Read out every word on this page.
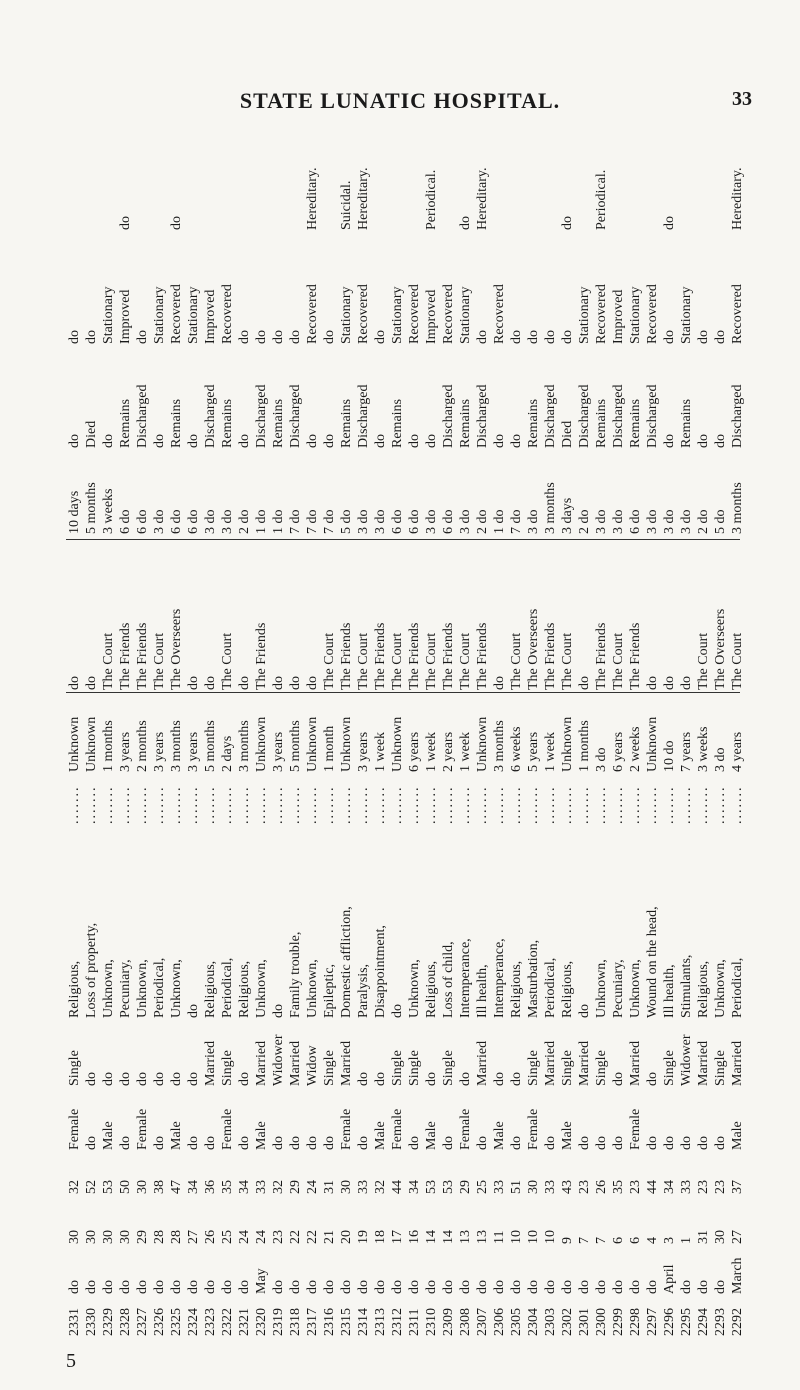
STATE LUNATIC HOSPITAL.	33
2292
March
27
37
Male
Married
Periodical,
4 years
The Court
3 months
Discharged
Recovered
Hereditary.
.......
2293
do
30
23
do
Single
Unknown,
3 do
The Overseers
5 do
do
do
.......
2294
do
31
23
do
Married
Religious,
3 weeks
The Court
2 do
do
do
.......
2295
do
1
33
do
Widower
Stimulants,
7 years
do
3 do
Remains
Stationary
.......
2296
April
3
34
do
Single
Ill health,
10 do
do
3 do
do
do
do
.......
2297
do
4
44
do
do
Wound on the head,
Unknown
do
3 do
Discharged
Recovered
.......
2298
do
6
23
Female
Married
Unknown,
2 weeks
The Friends
6 do
Remains
Stationary
.......
2299
do
6
35
do
do
Pecuniary,
6 years
The Court
3 do
Discharged
Improved
.......
2300
do
7
26
do
Single
Unknown,
3 do
The Friends
3 do
Remains
Recovered
Periodical.
.......
2301
do
7
23
do
Married
do
1 months
do
2 do
Discharged
Stationary
.......
2302
do
9
43
Male
Single
Religious,
Unknown
The Court
3 days
Died
do
do
.......
2303
do
10
33
do
Married
Periodical,
1 week
The Friends
3 months
Discharged
do
.......
2304
do
10
30
Female
Single
Masturbation,
5 years
The Overseers
3 do
Remains
do
.......
2305
do
10
51
do
do
Religious,
6 weeks
The Court
7 do
do
do
.......
2306
do
11
33
Male
do
Intemperance,
3 months
do
1 do
do
Recovered
.......
2307
do
13
25
do
Married
Ill health,
Unknown
The Friends
2 do
Discharged
do
Hereditary.
.......
2308
do
13
29
Female
do
Intemperance,
1 week
The Court
3 do
Remains
Stationary
do
.......
2309
do
14
53
do
Single
Loss of child,
2 years
The Friends
6 do
Discharged
Recovered
.......
2310
do
14
53
Male
do
Religious,
1 week
The Court
3 do
do
Improved
Periodical.
.......
2311
do
16
34
do
Single
Unknown,
6 years
The Friends
6 do
do
Recovered
.......
2312
do
17
44
Female
Single
do
Unknown
The Court
6 do
Remains
Stationary
.......
2313
do
18
32
Male
do
Disappointment,
1 week
The Friends
3 do
do
do
.......
2314
do
19
33
do
do
Paralysis,
3 years
The Court
3 do
Discharged
Recovered
Hereditary.
.......
2315
do
20
30
Female
Married
Domestic affliction,
Unknown
The Friends
5 do
Remains
Stationary
Suicidal.
.......
2316
do
21
31
do
Single
Epileptic,
1 month
The Court
7 do
do
do
.......
2317
do
22
24
do
Widow
Unknown,
Unknown
do
7 do
do
Recovered
Hereditary.
.......
2318
do
22
29
do
Married
Family trouble,
5 months
do
7 do
Discharged
do
.......
2319
do
23
32
do
Widower
do
3 years
do
1 do
Remains
do
.......
2320
May
24
33
Male
Married
Unknown,
Unknown
The Friends
1 do
Discharged
do
.......
2321
do
24
34
do
do
Religious,
3 months
do
2 do
do
do
.......
2322
do
25
35
Female
Single
Periodical,
2 days
The Court
3 do
Remains
Recovered
.......
2323
do
26
36
do
Married
Religious,
5 months
do
3 do
Discharged
Improved
.......
2324
do
27
34
do
do
do
3 years
do
6 do
do
Stationary
.......
2325
do
28
47
Male
do
Unknown,
3 months
The Overseers
6 do
Remains
Recovered
do
.......
2326
do
28
38
do
do
Periodical,
3 years
The Court
3 do
do
Stationary
.......
2327
do
29
30
Female
do
Unknown,
2 months
The Friends
6 do
Discharged
do
.......
2328
do
30
50
do
do
Pecuniary,
3 years
The Friends
6 do
Remains
Improved
do
.......
2329
do
30
53
Male
do
Unknown,
1 months
The Court
3 weeks
do
Stationary
.......
2330
do
30
52
do
do
Loss of property,
Unknown
do
5 months
Died
do
.......
2331
do
30
32
Female
Single
Religious,
Unknown
do
10 days
do
do
.......
5
